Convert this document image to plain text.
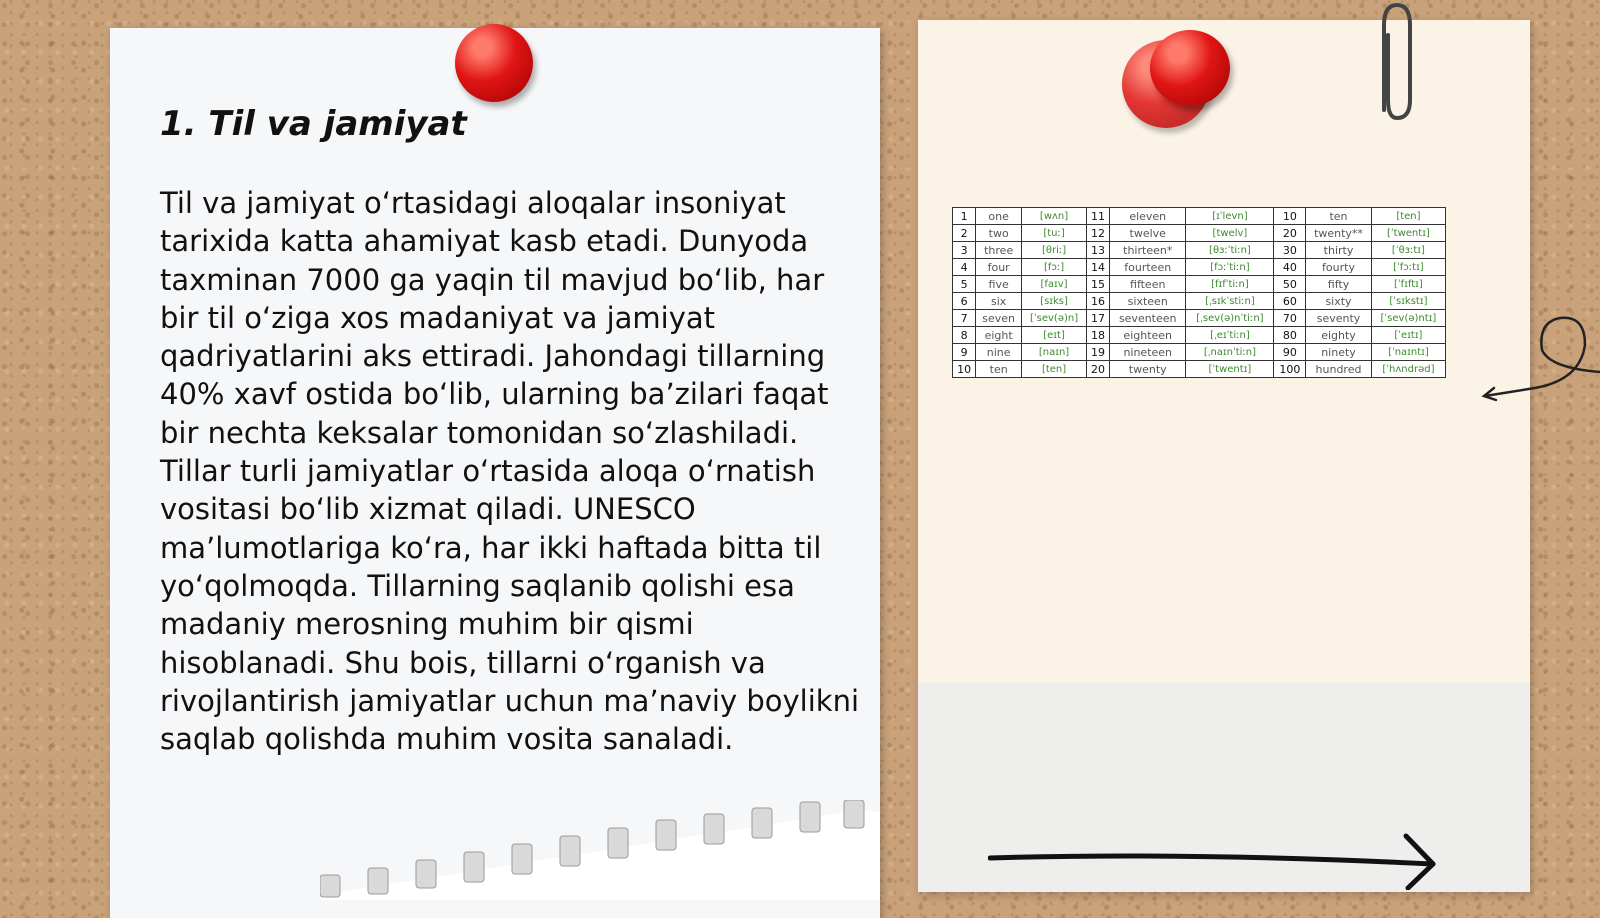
1. Til va jamiyat

Til va jamiyat o‘rtasidagi aloqalar insoniyat tarixida katta ahamiyat kasb etadi. Dunyoda taxminan 7000 ga yaqin til mavjud bo‘lib, har bir til o‘ziga xos madaniyat va jamiyat qadriyatlarini aks ettiradi. Jahondagi tillarning 40% xavf ostida bo‘lib, ularning ba’zilari faqat bir nechta keksalar tomonidan so‘zlashiladi. Tillar turli jamiyatlar o‘rtasida aloqa o‘rnatish vositasi bo‘lib xizmat qiladi. UNESCO ma’lumotlariga ko‘ra, har ikki haftada bitta til yo‘qolmoqda. Tillarning saqlanib qolishi esa madaniy merosning muhim bir qismi hisoblanadi. Shu bois, tillarni o‘rganish va rivojlantirish jamiyatlar uchun ma’naviy boylikni saqlab qolishda muhim vosita sanaladi.

1	one	[wʌn]	11	eleven	[ɪˈlevn]	10	ten	[ten]
2	two	[tuː]	12	twelve	[twelv]	20	twenty**	[ˈtwentɪ]
3	three	[θriː]	13	thirteen*	[θɜːˈtiːn]	30	thirty	[ˈθɜːtɪ]
4	four	[fɔː]	14	fourteen	[fɔːˈtiːn]	40	fourty	[ˈfɔːtɪ]
5	five	[faɪv]	15	fifteen	[fɪfˈtiːn]	50	fifty	[ˈfɪftɪ]
6	six	[sɪks]	16	sixteen	[ˌsɪkˈstiːn]	60	sixty	[ˈsɪkstɪ]
7	seven	[ˈsev(ə)n]	17	seventeen	[ˌsev(ə)nˈtiːn]	70	seventy	[ˈsev(ə)ntɪ]
8	eight	[eɪt]	18	eighteen	[ˌeɪˈtiːn]	80	eighty	[ˈeɪtɪ]
9	nine	[naɪn]	19	nineteen	[ˌnaɪnˈtiːn]	90	ninety	[ˈnaɪntɪ]
10	ten	[ten]	20	twenty	[ˈtwentɪ]	100	hundred	[ˈhʌndrəd]
